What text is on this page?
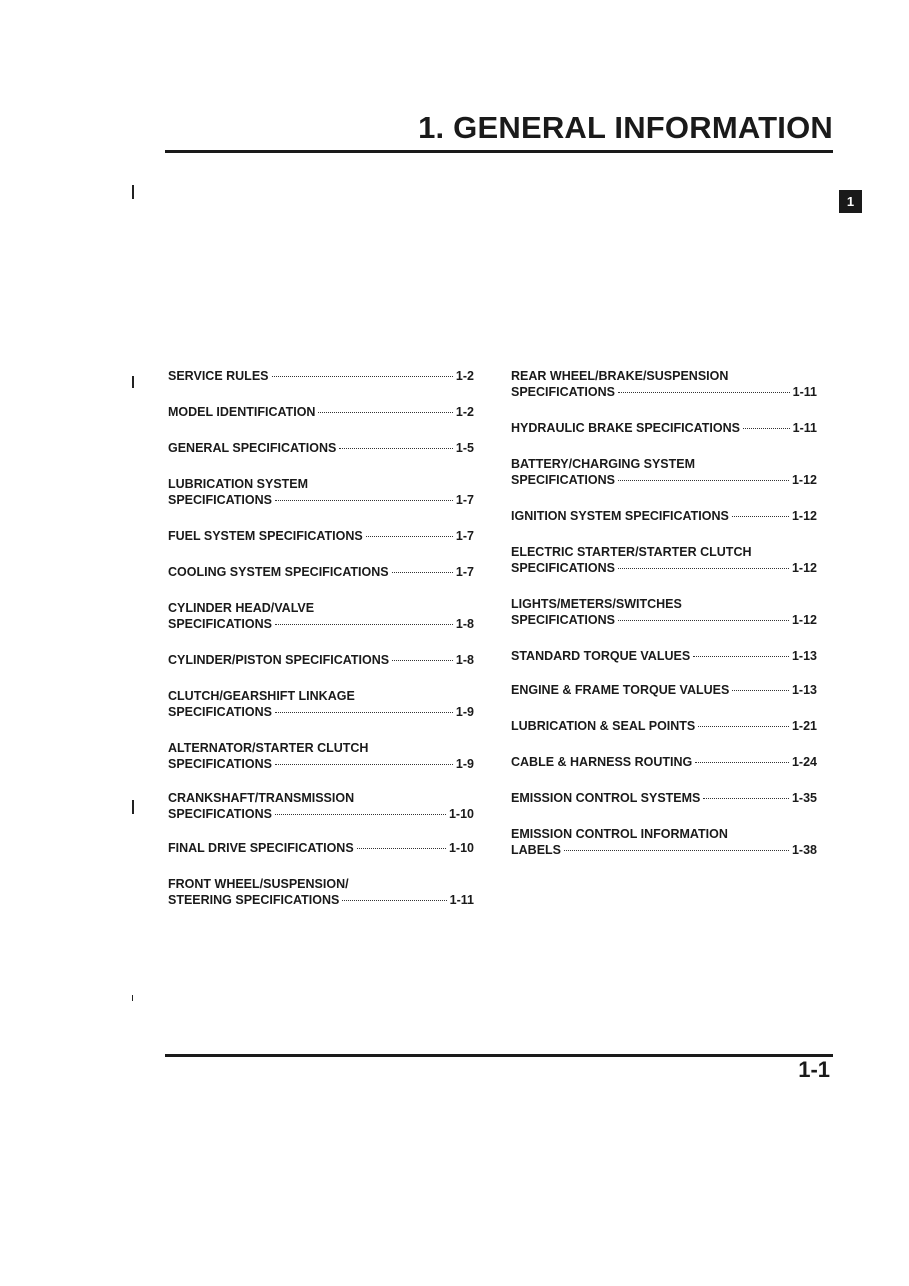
1. GENERAL INFORMATION
1
SERVICE RULES	1-2
MODEL IDENTIFICATION	1-2
GENERAL SPECIFICATIONS	1-5
LUBRICATION SYSTEM
SPECIFICATIONS	1-7
FUEL SYSTEM SPECIFICATIONS	1-7
COOLING SYSTEM SPECIFICATIONS	1-7
CYLINDER HEAD/VALVE
SPECIFICATIONS	1-8
CYLINDER/PISTON SPECIFICATIONS	1-8
CLUTCH/GEARSHIFT LINKAGE
SPECIFICATIONS	1-9
ALTERNATOR/STARTER CLUTCH
SPECIFICATIONS	1-9
CRANKSHAFT/TRANSMISSION
SPECIFICATIONS	1-10
FINAL DRIVE SPECIFICATIONS	1-10
FRONT WHEEL/SUSPENSION/
STEERING SPECIFICATIONS	1-11
REAR WHEEL/BRAKE/SUSPENSION
SPECIFICATIONS	1-11
HYDRAULIC BRAKE SPECIFICATIONS	1-11
BATTERY/CHARGING SYSTEM
SPECIFICATIONS	1-12
IGNITION SYSTEM SPECIFICATIONS	1-12
ELECTRIC STARTER/STARTER CLUTCH
SPECIFICATIONS	1-12
LIGHTS/METERS/SWITCHES
SPECIFICATIONS	1-12
STANDARD TORQUE VALUES	1-13
ENGINE & FRAME TORQUE VALUES	1-13
LUBRICATION & SEAL POINTS	1-21
CABLE & HARNESS ROUTING	1-24
EMISSION CONTROL SYSTEMS	1-35
EMISSION CONTROL INFORMATION
LABELS	1-38
1-1
